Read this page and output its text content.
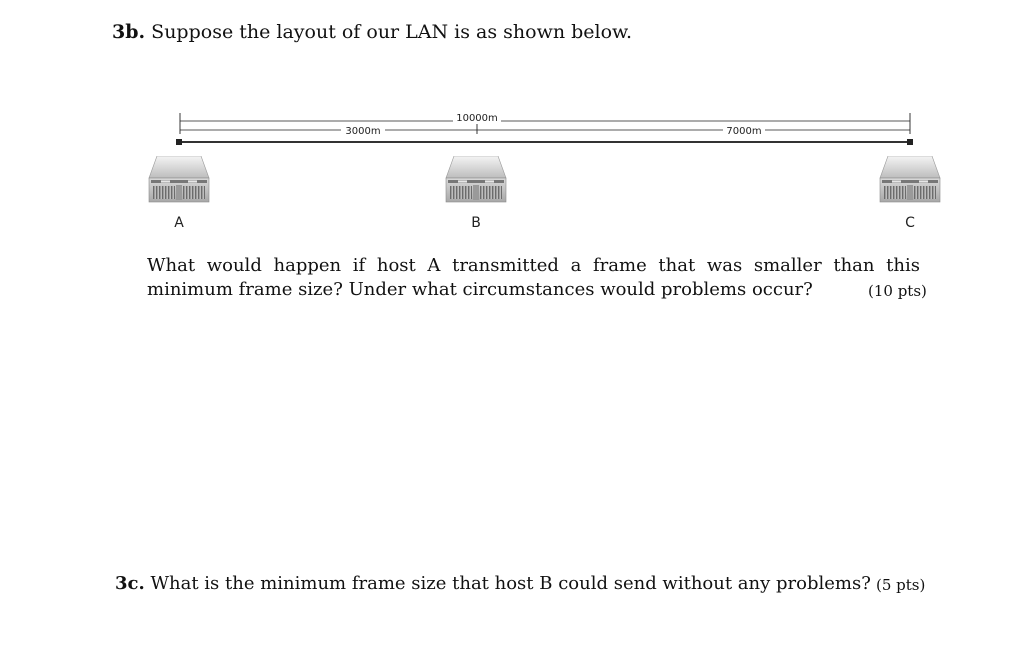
3b. Suppose the layout of our LAN is as shown below.
10000m
3000m	7000m
A	B	C
What would happen if host A transmitted a frame that was smaller than this minimum frame size? Under what circumstances would problems occur?	(10 pts)
3c. What is the minimum frame size that host B could send without any problems? (5 pts)
